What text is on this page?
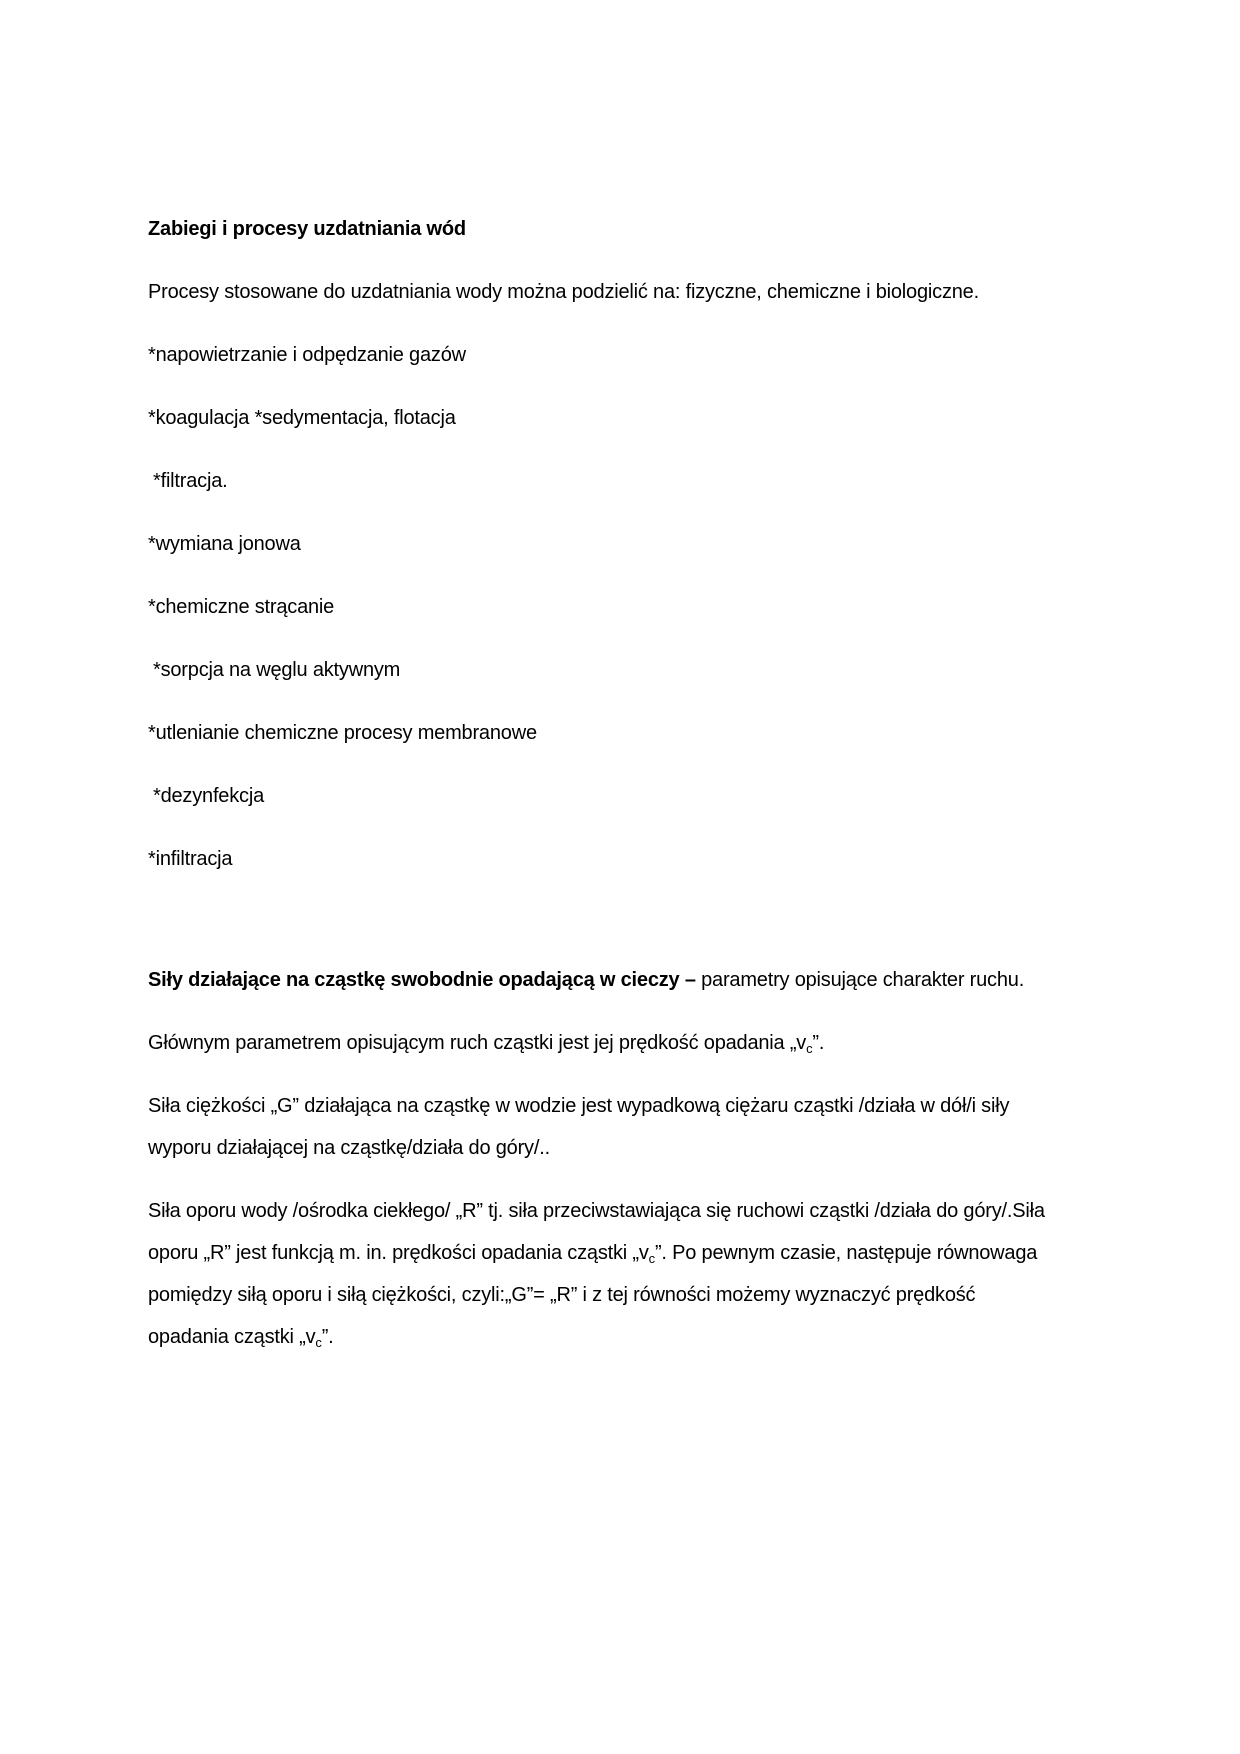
Zabiegi i procesy uzdatniania wód

Procesy stosowane do uzdatniania wody można podzielić na: fizyczne, chemiczne i biologiczne.

*napowietrzanie i odpędzanie gazów

*koagulacja *sedymentacja, flotacja

*filtracja.

*wymiana jonowa

*chemiczne strącanie

*sorpcja na węglu aktywnym

*utlenianie chemiczne procesy membranowe

*dezynfekcja

*infiltracja

Siły działające na cząstkę swobodnie opadającą w cieczy – parametry opisujące charakter ruchu.

Głównym parametrem opisującym ruch cząstki jest jej prędkość opadania $„v_c$”.

Siła ciężkości „G” działająca na cząstkę w wodzie jest wypadkową ciężaru cząstki /działa w dół/i siły wyporu działającej na cząstkę/działa do góry/..

Siła oporu wody /ośrodka ciekłego/ „R” tj. siła przeciwstawiająca się ruchowi cząstki /działa do góry/.Siła oporu „R” jest funkcją m. in. prędkości opadania cząstki $„v_c$”. Po pewnym czasie, następuje równowaga pomiędzy siłą oporu i siłą ciężkości, czyli:„G”= „R” i z tej równości możemy wyznaczyć prędkość opadania cząstki $„v_c$”.
